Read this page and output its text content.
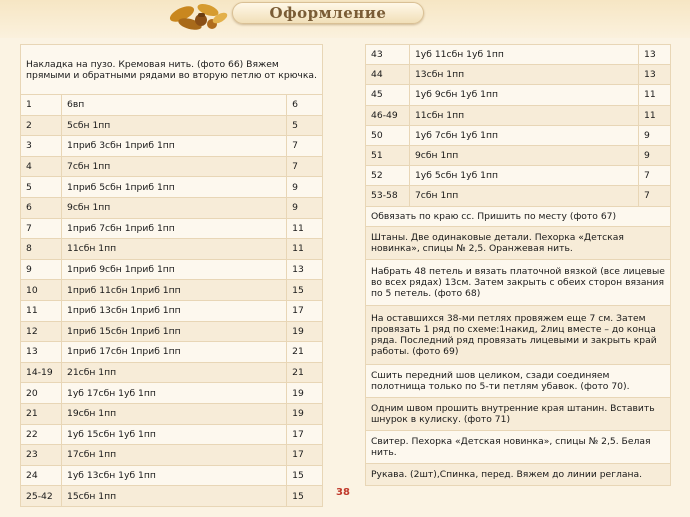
Оформление
Накладка на пузо. Кремовая нить. (фото 66) Вяжем прямыми и обратными рядами во вторую петлю от крючка.		
1	6вп	6
2	5сбн 1пп	5
3	1приб 3сбн 1приб 1пп	7
4	7сбн 1пп	7
5	1приб 5сбн 1приб 1пп	9
6	9сбн 1пп	9
7	1приб 7сбн 1приб 1пп	11
8	11сбн 1пп	11
9	1приб 9сбн 1приб 1пп	13
10	1приб 11сбн 1приб 1пп	15
11	1приб 13сбн 1приб 1пп	17
12	1приб 15сбн 1приб 1пп	19
13	1приб 17сбн 1приб 1пп	21
14-19	21сбн 1пп	21
20	1уб 17сбн 1уб 1пп	19
21	19сбн 1пп	19
22	1уб 15сбн 1уб 1пп	17
23	17сбн 1пп	17
24	1уб 13сбн 1уб 1пп	15
25-42	15сбн 1пп	15
43	1уб 11сбн 1уб 1пп	13
44	13сбн 1пп	13
45	1уб 9сбн 1уб 1пп	11
46-49	11сбн 1пп	11
50	1уб 7сбн 1уб 1пп	9
51	9сбн 1пп	9
52	1уб 5сбн 1уб 1пп	7
53-58	7сбн 1пп	7
Обвязать по краю сс. Пришить по месту (фото 67)		
Штаны. Две одинаковые детали. Пехорка «Детская новинка», спицы № 2,5. Оранжевая нить.		
Набрать 48 петель и вязать платочной вязкой (все лицевые во всех рядах) 13см. Затем закрыть с обеих сторон вязания по 5 петель. (фото 68)		
На оставшихся 38-ми петлях провяжем еще 7 см. Затем провязать 1 ряд по схеме:1накид, 2лиц вместе – до конца ряда. Последний ряд провязать лицевыми и закрыть край работы. (фото 69)		
Сшить передний шов целиком, сзади соединяем полотнища только по 5-ти петлям убавок. (фото 70).		
Одним швом прошить внутренние края штанин. Вставить шнурок в кулиску. (фото 71)		
Свитер. Пехорка «Детская новинка», спицы № 2,5. Белая нить.		
Рукава. (2шт),Спинка, перед. Вяжем до линии реглана.		
38
